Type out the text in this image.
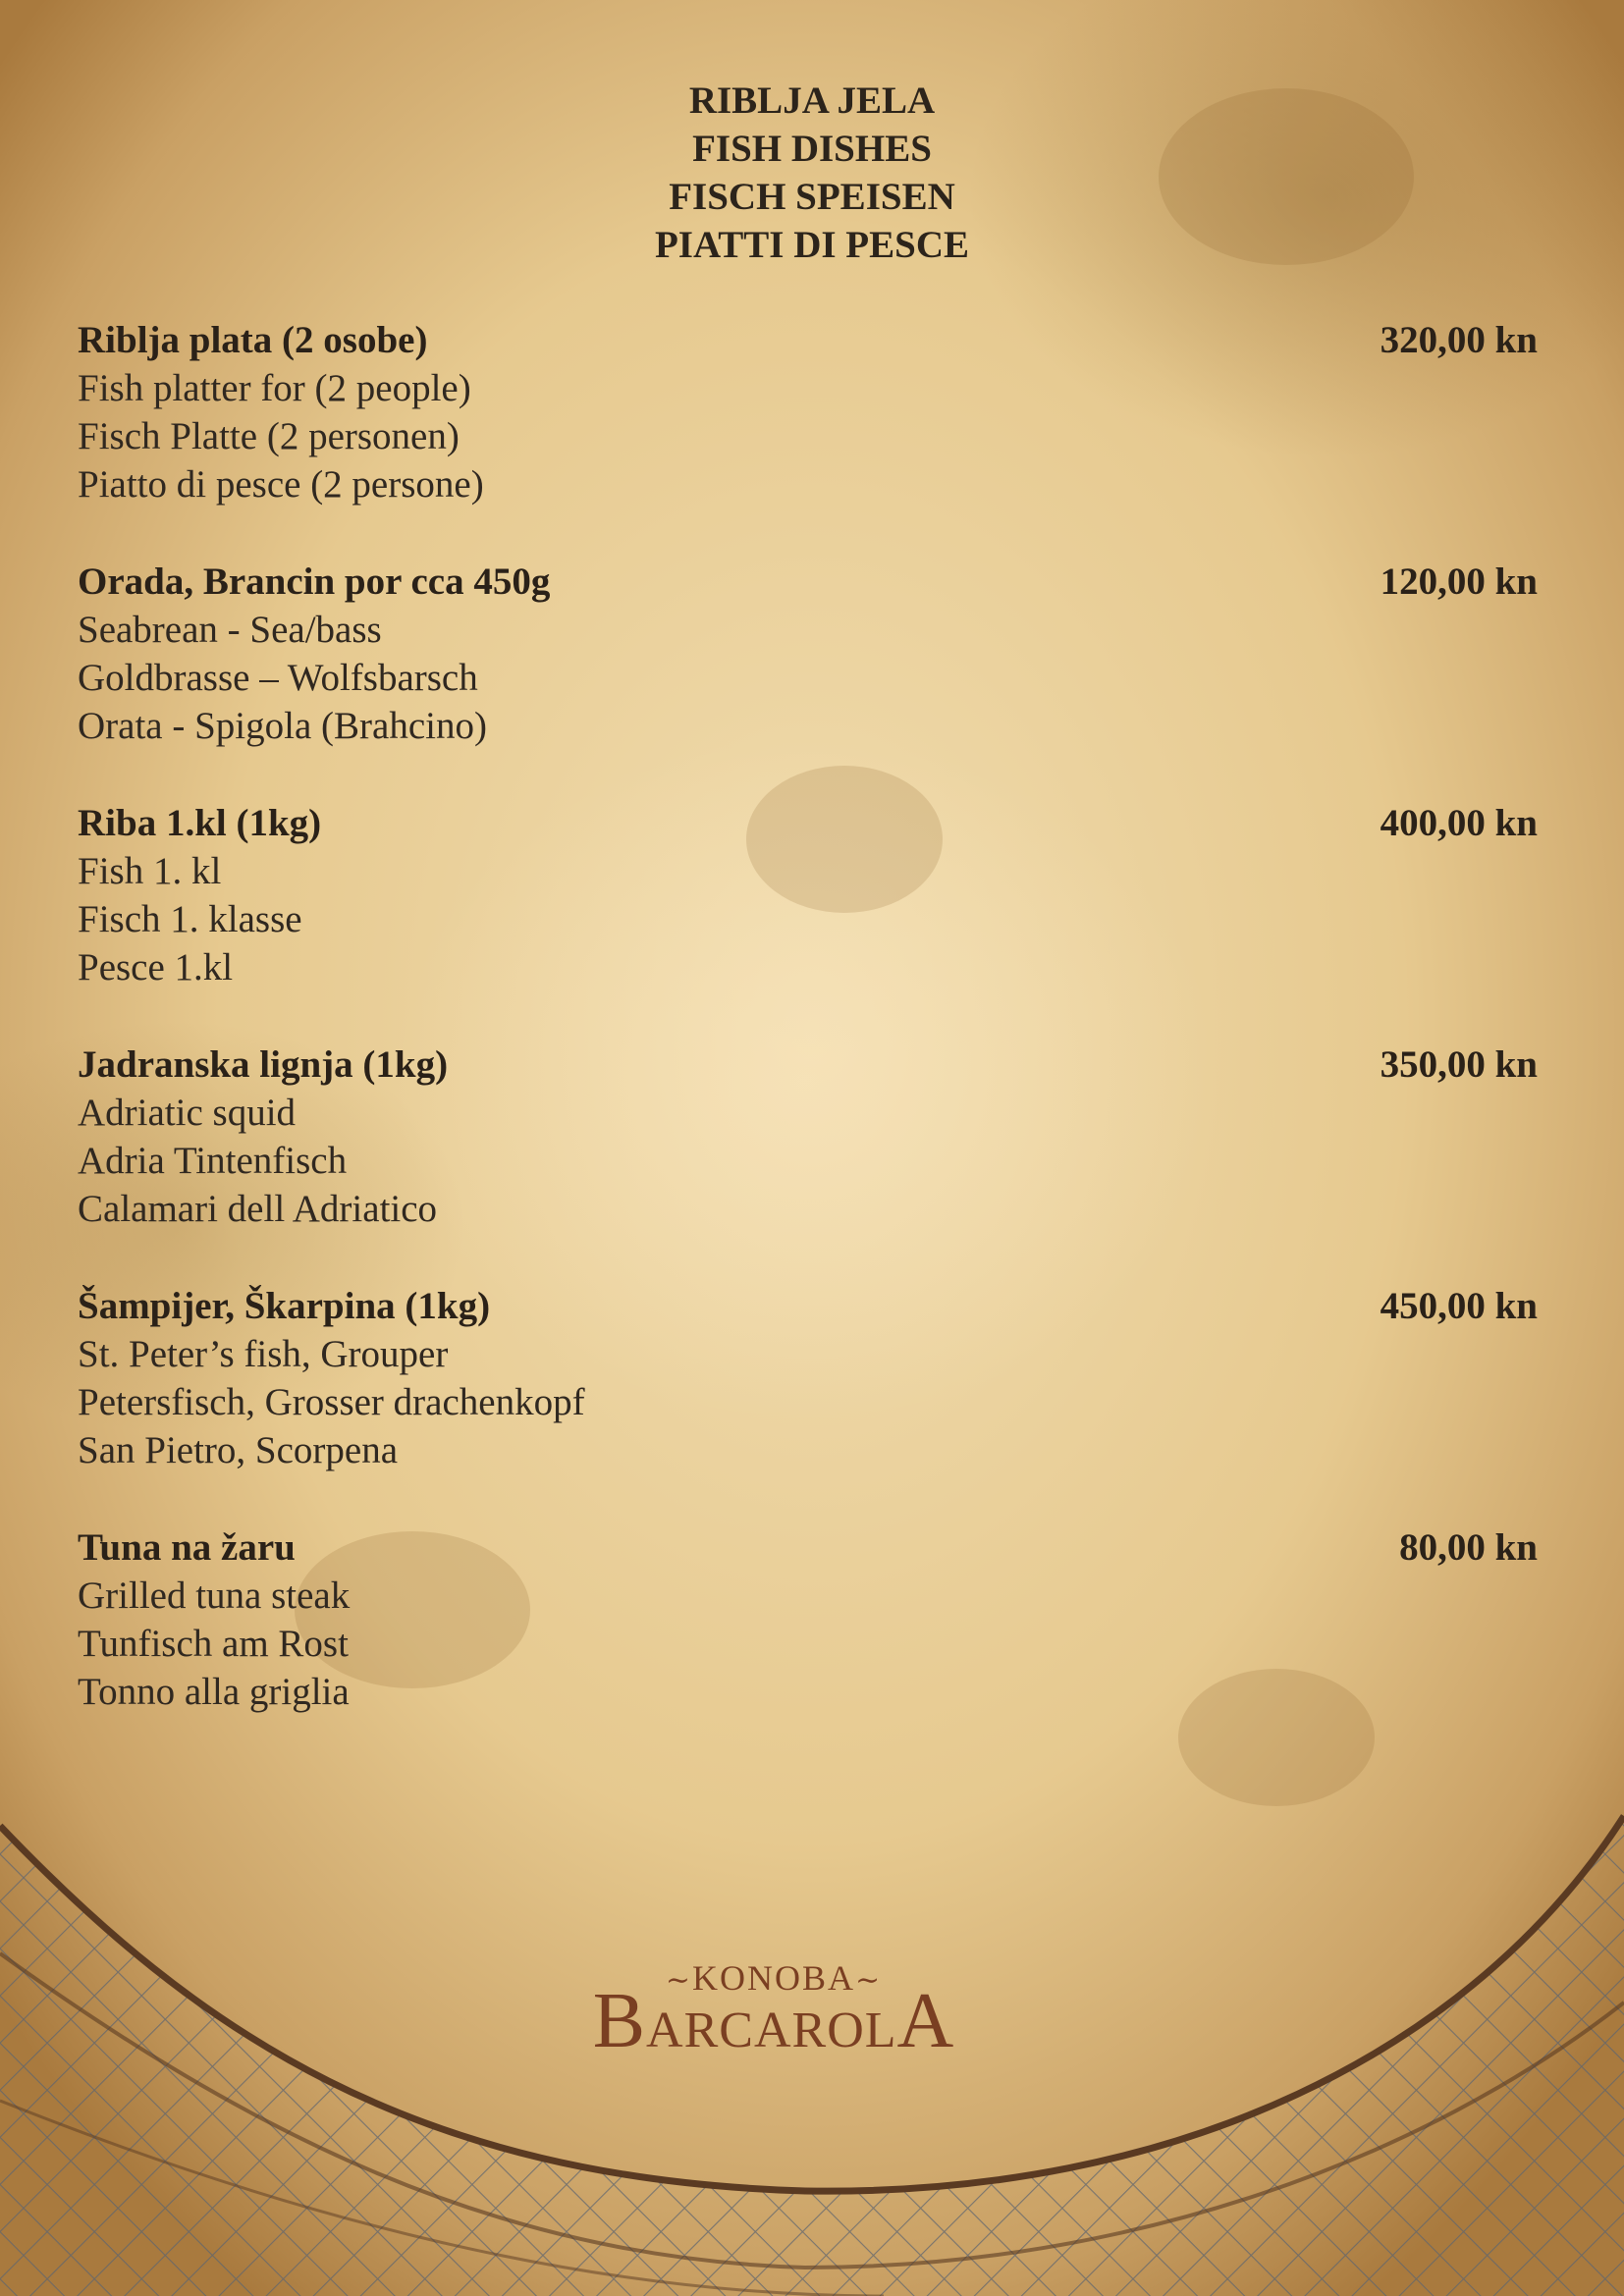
RIBLJA JELA
FISH DISHES
FISCH SPEISEN
PIATTI DI PESCE
Riblja plata (2 osobe)	320,00 kn
Fish platter for (2 people)
Fisch Platte (2 personen)
Piatto di pesce (2 persone)
Orada, Brancin por cca 450g	120,00 kn
Seabrean - Sea/bass
Goldbrasse – Wolfsbarsch
Orata - Spigola (Brahcino)
Riba 1.kl (1kg)	400,00 kn
Fish 1. kl
Fisch 1. klasse
Pesce 1.kl
Jadranska lignja (1kg)	350,00 kn
Adriatic squid
Adria Tintenfisch
Calamari dell Adriatico
Šampijer, Škarpina (1kg)	450,00 kn
St. Peter’s fish, Grouper
Petersfisch, Grosser drachenkopf
San Pietro, Scorpena
Tuna na žaru	80,00 kn
Grilled tuna steak
Tunfisch am Rost
Tonno alla griglia
∼KONOBA∼
BARCAROLA
